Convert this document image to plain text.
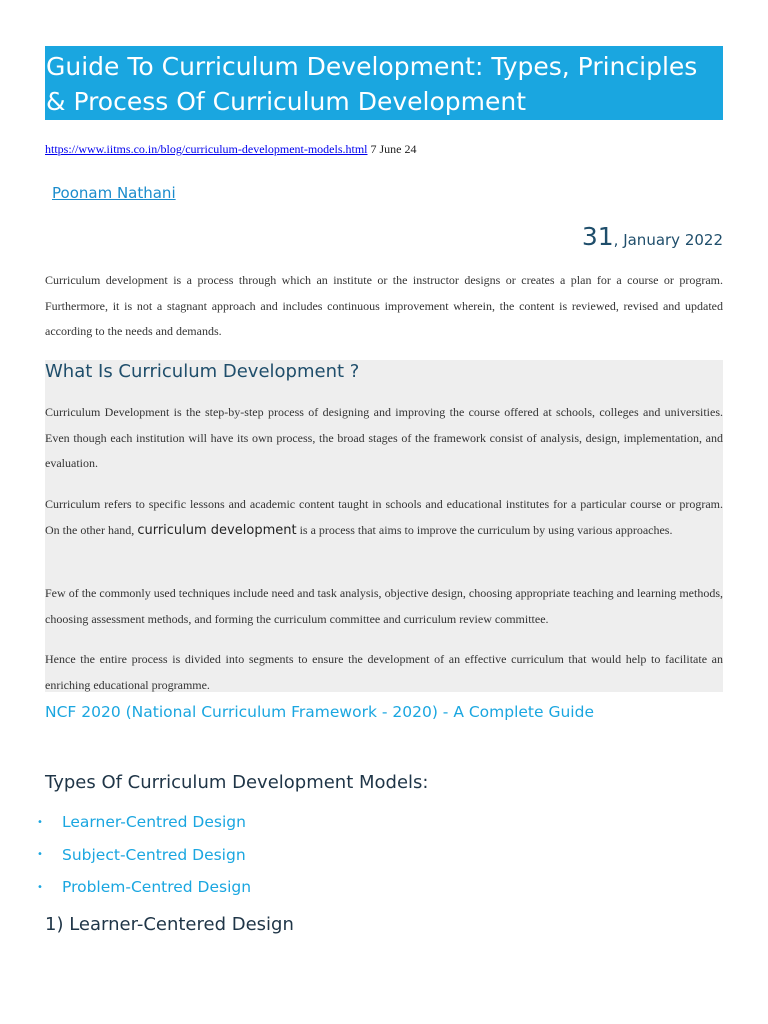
Guide To Curriculum Development: Types, Principles
& Process Of Curriculum Development
https://www.iitms.co.in/blog/curriculum-development-models.html 7 June 24
Poonam Nathani
31, January 2022

Curriculum development is a process through which an institute or the instructor designs or creates a plan for a course or program. Furthermore, it is not a stagnant approach and includes continuous improvement wherein, the content is reviewed, revised and updated according to the needs and demands.

What Is Curriculum Development ?

Curriculum Development is the step-by-step process of designing and improving the course offered at schools, colleges and universities. Even though each institution will have its own process, the broad stages of the framework consist of analysis, design, implementation, and evaluation.

Curriculum refers to specific lessons and academic content taught in schools and educational institutes for a particular course or program. On the other hand, curriculum development is a process that aims to improve the curriculum by using various approaches.

Few of the commonly used techniques include need and task analysis, objective design, choosing appropriate teaching and learning methods, choosing assessment methods, and forming the curriculum committee and curriculum review committee.

Hence the entire process is divided into segments to ensure the development of an effective curriculum that would help to facilitate an enriching educational programme.

NCF 2020 (National Curriculum Framework - 2020) - A Complete Guide
Types Of Curriculum Development Models:
•	Learner-Centred Design
•	Subject-Centred Design
•	Problem-Centred Design
1) Learner-Centered Design
